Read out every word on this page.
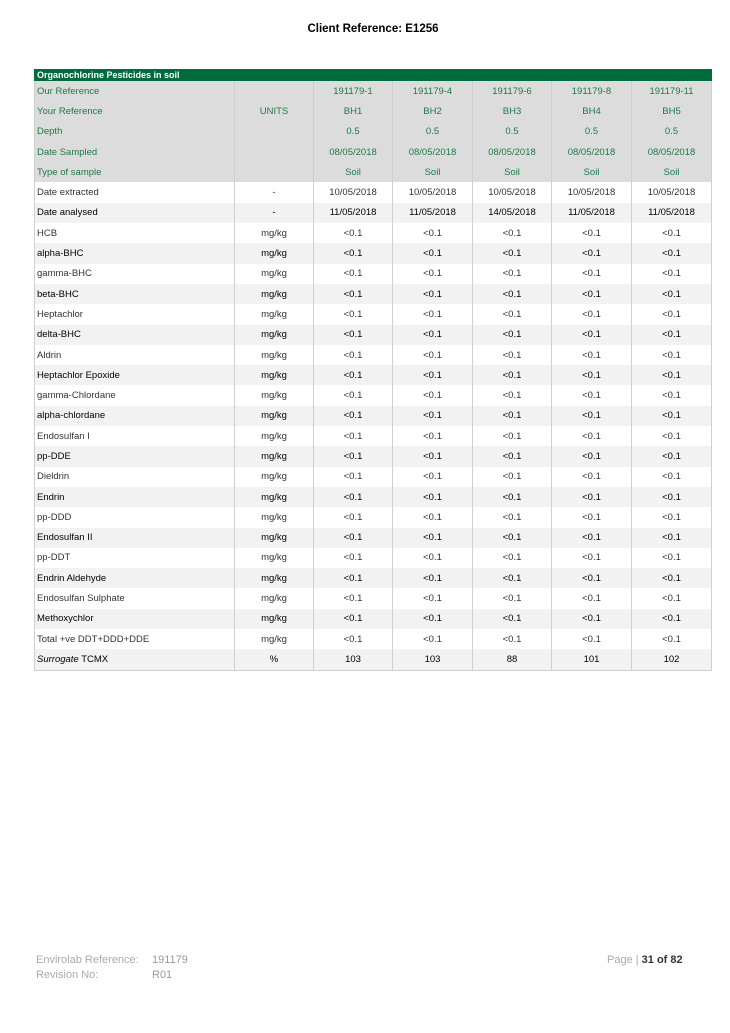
Client Reference: E1256
Organochlorine Pesticides in soil						
Our Reference		191179-1	191179-4	191179-6	191179-8	191179-11
Your Reference	UNITS	BH1	BH2	BH3	BH4	BH5
Depth		0.5	0.5	0.5	0.5	0.5
Date Sampled		08/05/2018	08/05/2018	08/05/2018	08/05/2018	08/05/2018
Type of sample		Soil	Soil	Soil	Soil	Soil
Date extracted	-	10/05/2018	10/05/2018	10/05/2018	10/05/2018	10/05/2018
Date analysed	-	11/05/2018	11/05/2018	14/05/2018	11/05/2018	11/05/2018
HCB	mg/kg	<0.1	<0.1	<0.1	<0.1	<0.1
alpha-BHC	mg/kg	<0.1	<0.1	<0.1	<0.1	<0.1
gamma-BHC	mg/kg	<0.1	<0.1	<0.1	<0.1	<0.1
beta-BHC	mg/kg	<0.1	<0.1	<0.1	<0.1	<0.1
Heptachlor	mg/kg	<0.1	<0.1	<0.1	<0.1	<0.1
delta-BHC	mg/kg	<0.1	<0.1	<0.1	<0.1	<0.1
Aldrin	mg/kg	<0.1	<0.1	<0.1	<0.1	<0.1
Heptachlor Epoxide	mg/kg	<0.1	<0.1	<0.1	<0.1	<0.1
gamma-Chlordane	mg/kg	<0.1	<0.1	<0.1	<0.1	<0.1
alpha-chlordane	mg/kg	<0.1	<0.1	<0.1	<0.1	<0.1
Endosulfan I	mg/kg	<0.1	<0.1	<0.1	<0.1	<0.1
pp-DDE	mg/kg	<0.1	<0.1	<0.1	<0.1	<0.1
Dieldrin	mg/kg	<0.1	<0.1	<0.1	<0.1	<0.1
Endrin	mg/kg	<0.1	<0.1	<0.1	<0.1	<0.1
pp-DDD	mg/kg	<0.1	<0.1	<0.1	<0.1	<0.1
Endosulfan II	mg/kg	<0.1	<0.1	<0.1	<0.1	<0.1
pp-DDT	mg/kg	<0.1	<0.1	<0.1	<0.1	<0.1
Endrin Aldehyde	mg/kg	<0.1	<0.1	<0.1	<0.1	<0.1
Endosulfan Sulphate	mg/kg	<0.1	<0.1	<0.1	<0.1	<0.1
Methoxychlor	mg/kg	<0.1	<0.1	<0.1	<0.1	<0.1
Total +ve DDT+DDD+DDE	mg/kg	<0.1	<0.1	<0.1	<0.1	<0.1
Surrogate TCMX	%	103	103	88	101	102
Envirolab Reference: 191179
Revision No:	R01
Page | 31 of 82
